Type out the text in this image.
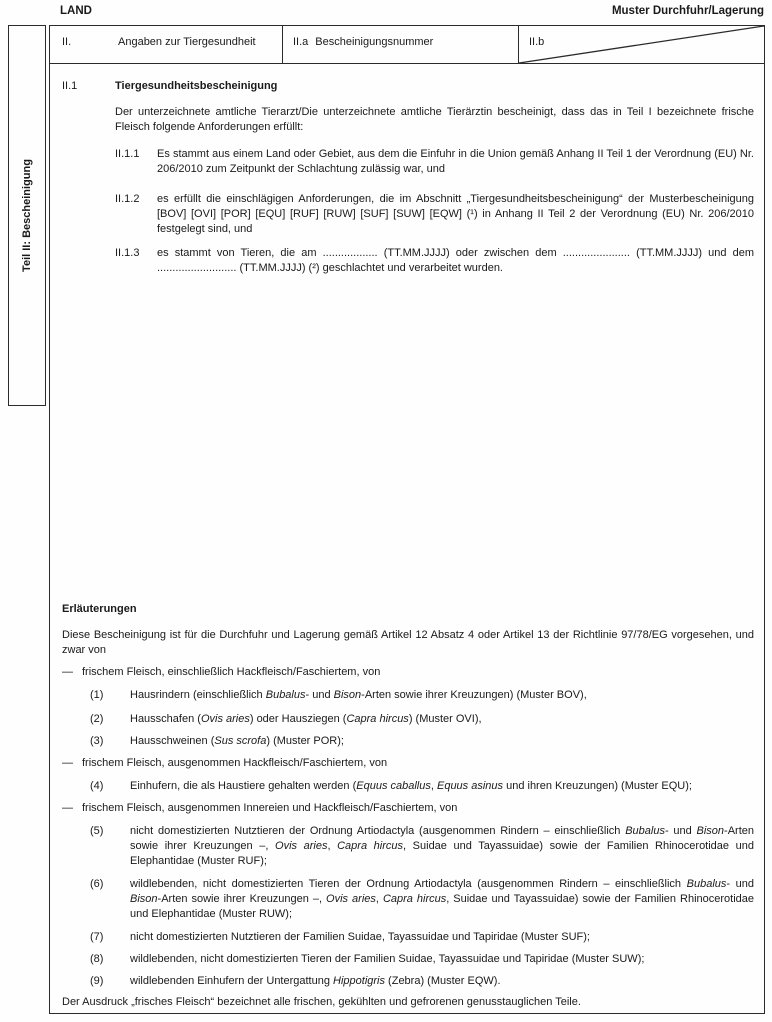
LAND	Muster Durchfuhr/Lagerung
Teil II: Bescheinigung
II.	Angaben zur Tiergesundheit	II.a Bescheinigungsnummer	II.b
II.1	Tiergesundheitsbescheinigung

Der unterzeichnete amtliche Tierarzt/Die unterzeichnete amtliche Tierärztin bescheinigt, dass das in Teil I bezeichnete frische Fleisch folgende Anforderungen erfüllt:

II.1.1	Es stammt aus einem Land oder Gebiet, aus dem die Einfuhr in die Union gemäß Anhang II Teil 1 der Verordnung (EU) Nr. 206/2010 zum Zeitpunkt der Schlachtung zulässig war, und
II.1.2	es erfüllt die einschlägigen Anforderungen, die im Abschnitt „Tiergesundheitsbescheinigung“ der Musterbescheinigung [BOV] [OVI] [POR] [EQU] [RUF] [RUW] [SUF] [SUW] [EQW] (¹) in Anhang II Teil 2 der Verordnung (EU) Nr. 206/2010 festgelegt sind, und
II.1.3	es stammt von Tieren, die am .................. (TT.MM.JJJJ) oder zwischen dem ...................... (TT.MM.JJJJ) und dem .......................... (TT.MM.JJJJ) (²) geschlachtet und verarbeitet wurden.
Erläuterungen

Diese Bescheinigung ist für die Durchfuhr und Lagerung gemäß Artikel 12 Absatz 4 oder Artikel 13 der Richtlinie 97/78/EG vorgesehen, und zwar von

— frischem Fleisch, einschließlich Hackfleisch/Faschiertem, von
(1)	Hausrindern (einschließlich Bubalus- und Bison-Arten sowie ihrer Kreuzungen) (Muster BOV),
(2)	Hausschafen (Ovis aries) oder Hausziegen (Capra hircus) (Muster OVI),
(3)	Hausschweinen (Sus scrofa) (Muster POR);
— frischem Fleisch, ausgenommen Hackfleisch/Faschiertem, von
(4)	Einhufern, die als Haustiere gehalten werden (Equus caballus, Equus asinus und ihren Kreuzungen) (Muster EQU);
— frischem Fleisch, ausgenommen Innereien und Hackfleisch/Faschiertem, von
(5)	nicht domestizierten Nutztieren der Ordnung Artiodactyla (ausgenommen Rindern – einschließlich Bubalus- und Bison-Arten sowie ihrer Kreuzungen –, Ovis aries, Capra hircus, Suidae und Tayassuidae) sowie der Familien Rhinocerotidae und Elephantidae (Muster RUF);
(6)	wildlebenden, nicht domestizierten Tieren der Ordnung Artiodactyla (ausgenommen Rindern – einschließlich Bubalus- und Bison-Arten sowie ihrer Kreuzungen –, Ovis aries, Capra hircus, Suidae und Tayassuidae) sowie der Familien Rhinocerotidae und Elephantidae (Muster RUW);
(7)	nicht domestizierten Nutztieren der Familien Suidae, Tayassuidae und Tapiridae (Muster SUF);
(8)	wildlebenden, nicht domestizierten Tieren der Familien Suidae, Tayassuidae und Tapiridae (Muster SUW);
(9)	wildlebenden Einhufern der Untergattung Hippotigris (Zebra) (Muster EQW).

Der Ausdruck „frisches Fleisch“ bezeichnet alle frischen, gekühlten und gefrorenen genusstauglichen Teile.
